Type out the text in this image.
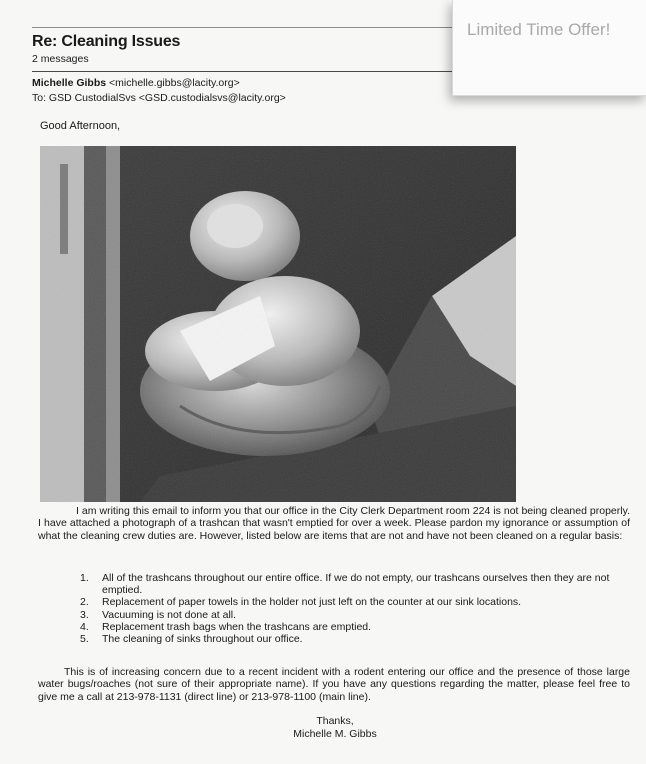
Re: Cleaning Issues
2 messages
Michelle Gibbs <michelle.gibbs@lacity.org>
To: GSD CustodialSvs <GSD.custodialsvs@lacity.org>
Good Afternoon,
I am writing this email to inform you that our office in the City Clerk Department room 224 is not being cleaned properly. I have attached a photograph of a trashcan that wasn't emptied for over a week. Please pardon my ignorance or assumption of what the cleaning crew duties are. However, listed below are items that are not and have not been cleaned on a regular basis:
1. All of the trashcans throughout our entire office. If we do not empty, our trashcans ourselves then they are not emptied.
2. Replacement of paper towels in the holder not just left on the counter at our sink locations.
3. Vacuuming is not done at all.
4. Replacement trash bags when the trashcans are emptied.
5. The cleaning of sinks throughout our office.
This is of increasing concern due to a recent incident with a rodent entering our office and the presence of those large water bugs/roaches (not sure of their appropriate name). If you have any questions regarding the matter, please feel free to give me a call at 213-978-1131 (direct line) or 213-978-1100 (main line).
Thanks,
Michelle M. Gibbs
Limited Time Offer!
